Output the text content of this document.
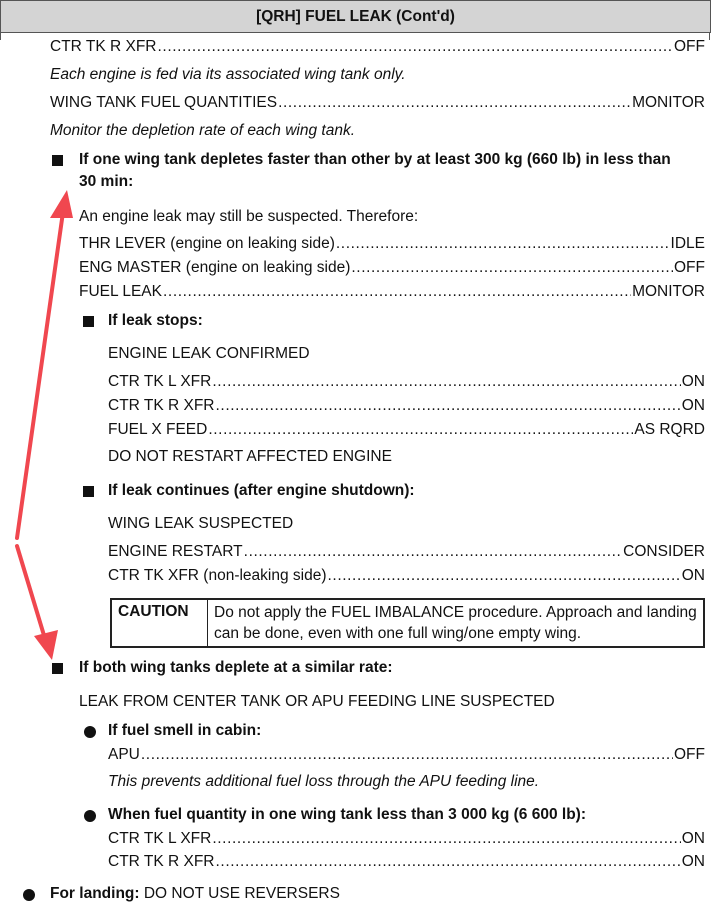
[QRH] FUEL LEAK (Cont'd)
CTR TK R XFR .....	OFF
Each engine is fed via its associated wing tank only.
WING TANK FUEL QUANTITIES .....	MONITOR
Monitor the depletion rate of each wing tank.
If one wing tank depletes faster than other by at least 300 kg (660 lb) in less than
30 min:
An engine leak may still be suspected. Therefore:
THR LEVER (engine on leaking side) .....	IDLE
ENG MASTER (engine on leaking side) .....	OFF
FUEL LEAK .....	MONITOR
If leak stops:
ENGINE LEAK CONFIRMED
CTR TK L XFR .....	ON
CTR TK R XFR .....	ON
FUEL X FEED .....	AS RQRD
DO NOT RESTART AFFECTED ENGINE
If leak continues (after engine shutdown):
WING LEAK SUSPECTED
ENGINE RESTART .....	CONSIDER
CTR TK XFR (non-leaking side) .....	ON
CAUTION	Do not apply the FUEL IMBALANCE procedure. Approach and landing can be done, even with one full wing/one empty wing.
If both wing tanks deplete at a similar rate:
LEAK FROM CENTER TANK OR APU FEEDING LINE SUSPECTED
If fuel smell in cabin:
APU .....	OFF
This prevents additional fuel loss through the APU feeding line.
When fuel quantity in one wing tank less than 3 000 kg (6 600 lb):
CTR TK L XFR .....	ON
CTR TK R XFR .....	ON
For landing: DO NOT USE REVERSERS
